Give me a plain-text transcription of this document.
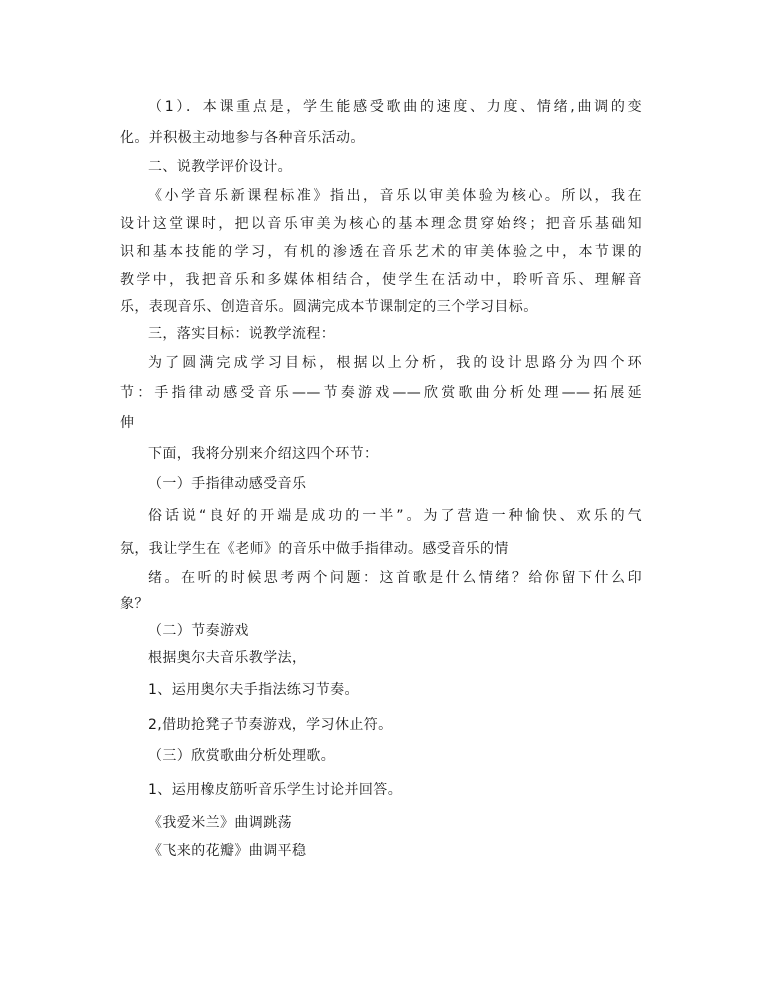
（1）．本课重点是，学生能感受歌曲的速度、力度、情绪,曲调的变
化。并积极主动地参与各种音乐活动。
二、说教学评价设计。
《小学音乐新课程标准》指出，音乐以审美体验为核心。所以，我在
设计这堂课时，把以音乐审美为核心的基本理念贯穿始终；把音乐基础知
识和基本技能的学习，有机的渗透在音乐艺术的审美体验之中，本节课的
教学中，我把音乐和多媒体相结合，使学生在活动中，聆听音乐、理解音
乐，表现音乐、创造音乐。圆满完成本节课制定的三个学习目标。
三，落实目标：说教学流程：
为了圆满完成学习目标，根据以上分析，我的设计思路分为四个环
节：手指律动感受音乐——节奏游戏——欣赏歌曲分析处理——拓展延
伸
下面，我将分别来介绍这四个环节：
（一）手指律动感受音乐
俗话说“良好的开端是成功的一半”。为了营造一种愉快、欢乐的气
氛，我让学生在《老师》的音乐中做手指律动。感受音乐的情
绪。在听的时候思考两个问题：这首歌是什么情绪？给你留下什么印
象？
（二）节奏游戏
根据奥尔夫音乐教学法，
1、运用奥尔夫手指法练习节奏。
2,借助抢凳子节奏游戏，学习休止符。
（三）欣赏歌曲分析处理歌。
1、运用橡皮筋听音乐学生讨论并回答。
《我爱米兰》曲调跳荡
《飞来的花瓣》曲调平稳
